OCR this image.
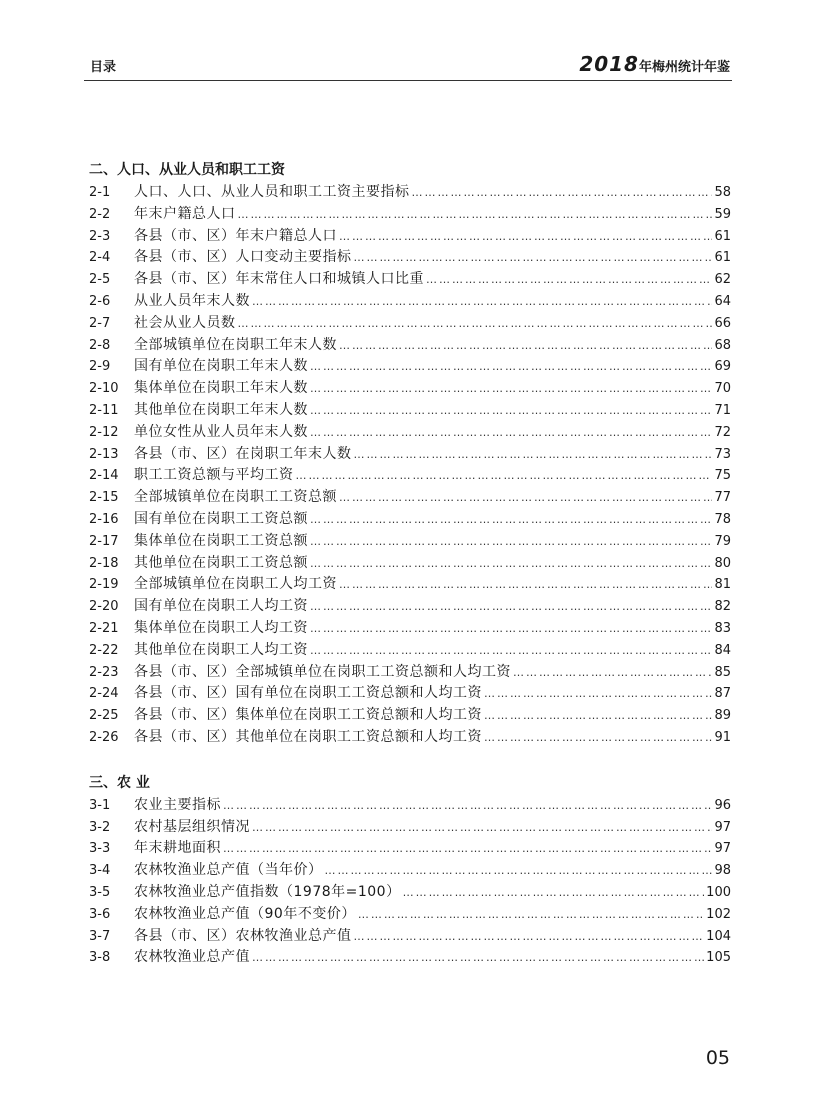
目录	2018年梅州统计年鉴
二、人口、从业人员和职工工资
2-1	人口、人口、从业人员和职工工资主要指标 …………………………………………………………………………………………………………………………………………………………………………………………………………	58
2-2	年末户籍总人口 …………………………………………………………………………………………………………………………………………………………………………………………………………	59
2-3	各县（市、区）年末户籍总人口 …………………………………………………………………………………………………………………………………………………………………………………………………………	61
2-4	各县（市、区）人口变动主要指标 …………………………………………………………………………………………………………………………………………………………………………………………………………	61
2-5	各县（市、区）年末常住人口和城镇人口比重 …………………………………………………………………………………………………………………………………………………………………………………………………………	62
2-6	从业人员年末人数 …………………………………………………………………………………………………………………………………………………………………………………………………………	64
2-7	社会从业人员数 …………………………………………………………………………………………………………………………………………………………………………………………………………	66
2-8	全部城镇单位在岗职工年末人数 …………………………………………………………………………………………………………………………………………………………………………………………………………	68
2-9	国有单位在岗职工年末人数 …………………………………………………………………………………………………………………………………………………………………………………………………………	69
2-10	集体单位在岗职工年末人数 …………………………………………………………………………………………………………………………………………………………………………………………………………	70
2-11	其他单位在岗职工年末人数 …………………………………………………………………………………………………………………………………………………………………………………………………………	71
2-12	单位女性从业人员年末人数 …………………………………………………………………………………………………………………………………………………………………………………………………………	72
2-13	各县（市、区）在岗职工年末人数 …………………………………………………………………………………………………………………………………………………………………………………………………………	73
2-14	职工工资总额与平均工资 …………………………………………………………………………………………………………………………………………………………………………………………………………	75
2-15	全部城镇单位在岗职工工资总额 …………………………………………………………………………………………………………………………………………………………………………………………………………	77
2-16	国有单位在岗职工工资总额 …………………………………………………………………………………………………………………………………………………………………………………………………………	78
2-17	集体单位在岗职工工资总额 …………………………………………………………………………………………………………………………………………………………………………………………………………	79
2-18	其他单位在岗职工工资总额 …………………………………………………………………………………………………………………………………………………………………………………………………………	80
2-19	全部城镇单位在岗职工人均工资 …………………………………………………………………………………………………………………………………………………………………………………………………………	81
2-20	国有单位在岗职工人均工资 …………………………………………………………………………………………………………………………………………………………………………………………………………	82
2-21	集体单位在岗职工人均工资 …………………………………………………………………………………………………………………………………………………………………………………………………………	83
2-22	其他单位在岗职工人均工资 …………………………………………………………………………………………………………………………………………………………………………………………………………	84
2-23	各县（市、区）全部城镇单位在岗职工工资总额和人均工资 …………………………………………………………………………………………………………………………………………………………………………………………………………	85
2-24	各县（市、区）国有单位在岗职工工资总额和人均工资 …………………………………………………………………………………………………………………………………………………………………………………………………………	87
2-25	各县（市、区）集体单位在岗职工工资总额和人均工资 …………………………………………………………………………………………………………………………………………………………………………………………………………	89
2-26	各县（市、区）其他单位在岗职工工资总额和人均工资 …………………………………………………………………………………………………………………………………………………………………………………………………………	91
三、农 业
3-1	农业主要指标 …………………………………………………………………………………………………………………………………………………………………………………………………………	96
3-2	农村基层组织情况 …………………………………………………………………………………………………………………………………………………………………………………………………………	97
3-3	年末耕地面积 …………………………………………………………………………………………………………………………………………………………………………………………………………	97
3-4	农林牧渔业总产值（当年价） …………………………………………………………………………………………………………………………………………………………………………………………………………	98
3-5	农林牧渔业总产值指数（1978年=100） …………………………………………………………………………………………………………………………………………………………………………………………………………	100
3-6	农林牧渔业总产值（90年不变价） …………………………………………………………………………………………………………………………………………………………………………………………………………	102
3-7	各县（市、区）农林牧渔业总产值 …………………………………………………………………………………………………………………………………………………………………………………………………………	104
3-8	农林牧渔业总产值 …………………………………………………………………………………………………………………………………………………………………………………………………………	105
05
